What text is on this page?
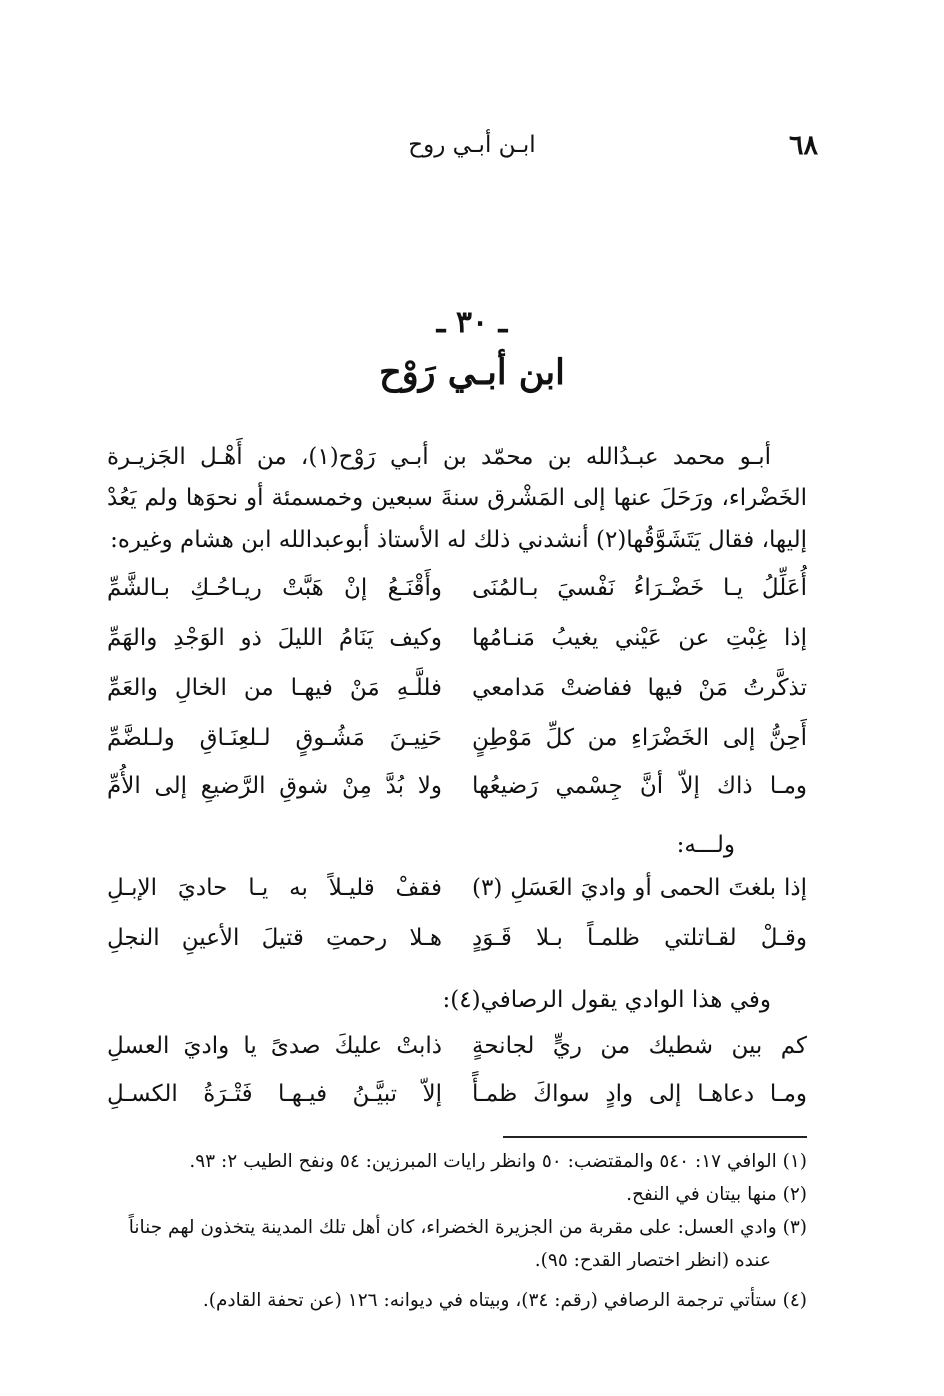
ابـن أبـي روح	٦٨
ـ ٣٠ ـ
ابن أبـي رَوْح
أبـو محمد عبـدُالله بن محمّد بن أبـي رَوْح(١)، من أَهْـل الجَزيـرة
الخَضْراء، ورَحَلَ عنها إلى المَشْرق سنةَ سبعين وخمسمئة أو نحوَها ولم يَعُدْ
إليها، فقال يَتَشَوَّقُها(٢) أنشدني ذلك له الأستاذ أبوعبدالله ابن هشام وغيره:
أُعَلِّلُ يـا خَضْـرَاءُ نَفْسيَ بـالمُنَى
وأَقْنَـعُ إنْ هَبَّتْ ريـاحُـكِ بـالشَّمِّ
إذا غِبْتِ عن عَيْني يغيبُ مَنـامُها
وكيف يَنَامُ الليلَ ذو الوَجْدِ والهَمِّ
تذكَّرتُ مَنْ فيها ففاضتْ مَدامعي
فللَّـهِ مَنْ فيهـا من الخالِ والعَمِّ
أَحِنُّ إلى الخَضْرَاءِ من كلِّ مَوْطِنٍ
حَنِيـنَ مَشُـوقٍ لـلعِنَـاقِ ولـلضَّمِّ
ومـا ذاك إلاّ أنَّ جِسْمي رَضيعُها
ولا بُدَّ مِنْ شوقِ الرَّضيعِ إلى الأُمِّ
ولـــه:
إذا بلغتَ الحمى أو واديَ العَسَلِ (٣)
فقفْ قليـلاً به يـا حاديَ الإبـلِ
وقـلْ لقـاتلتي ظلمـاً بـلا قَـوَدٍ
هـلا رحمتِ قتيلَ الأعينِ النجلِ
وفي هذا الوادي يقول الرصافي(٤):
كم بين شطيك من ريٍّ لجانحةٍ
ذابتْ عليكَ صدىً يا واديَ العسلِ
ومـا دعاهـا إلى وادٍ سواكَ ظمـأً
إلاّ تبيَّـنُ فيـهـا فَتْـرَةُ الكسـلِ
(١) الوافي ١٧: ٥٤٠ والمقتضب: ٥٠ وانظر رايات المبرزين: ٥٤ ونفح الطيب ٢: ٩٣.
(٢) منها بيتان في النفح.
(٣) وادي العسل: على مقربة من الجزيرة الخضراء، كان أهل تلك المدينة يتخذون لهم جناناً
عنده (انظر اختصار القدح: ٩٥).
(٤) ستأتي ترجمة الرصافي (رقم: ٣٤)، وبيتاه في ديوانه: ١٢٦ (عن تحفة القادم).
